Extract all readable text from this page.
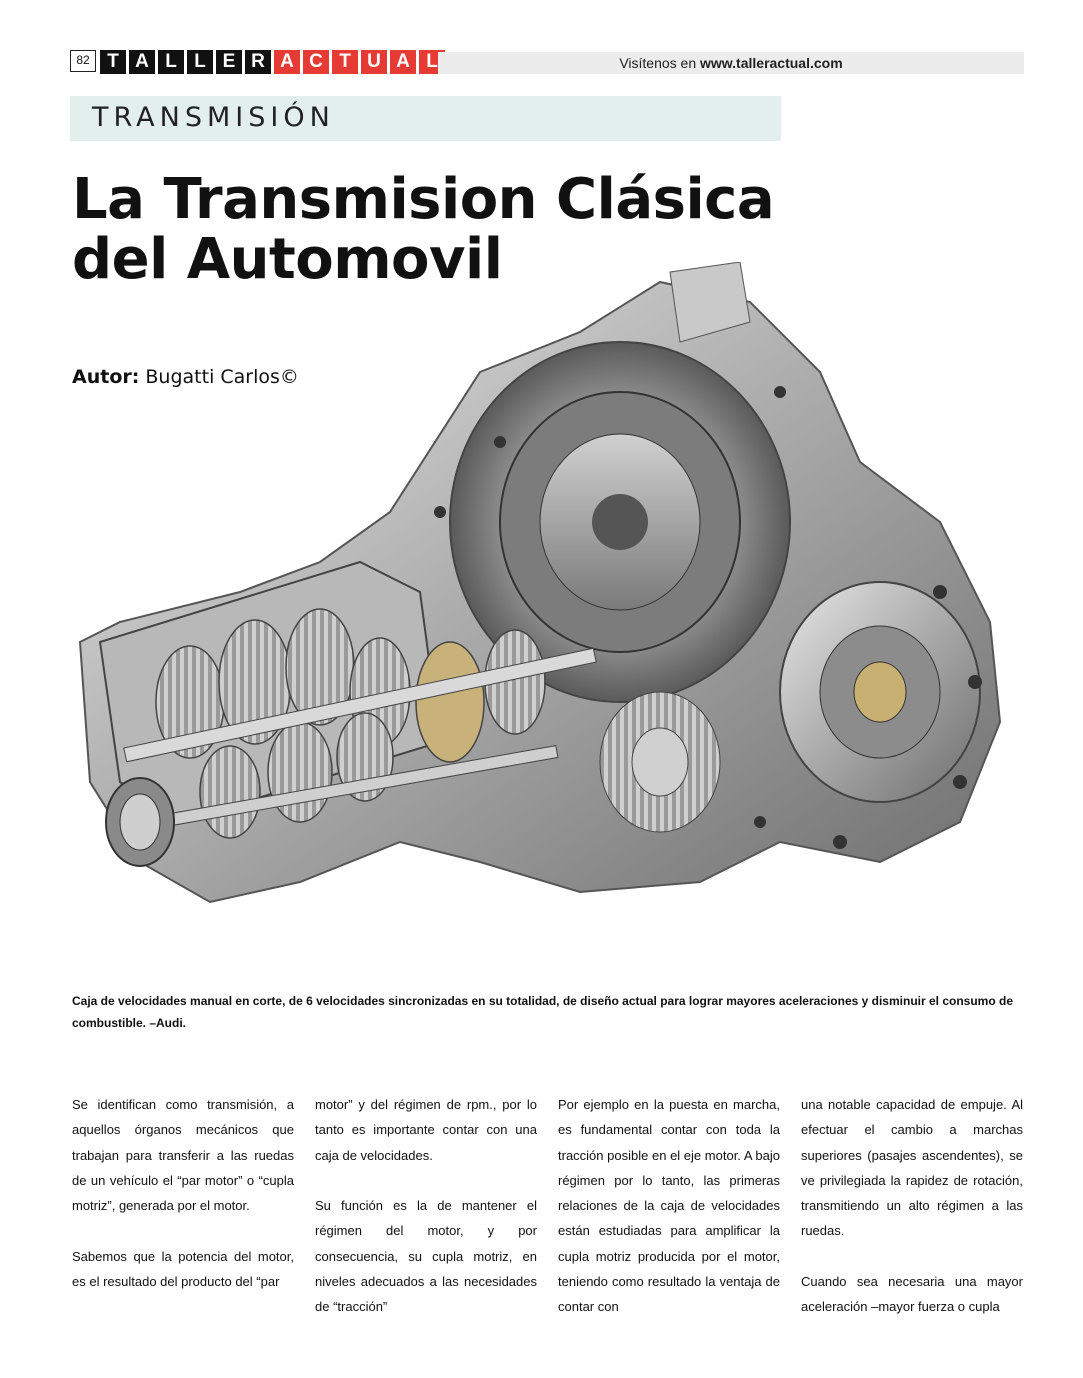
82 T A L L E R A C T U A L	Visítenos en www.talleractual.com
TRANSMISIÓN
La Transmision Clásica
del Automovil
Autor: Bugatti Carlos©
Caja de velocidades manual en corte, de 6 velocidades sincronizadas en su totalidad, de diseño actual para lograr mayores aceleraciones y disminuir el consumo de combustible. –Audi.

Se identifican como transmisión, a aquellos órganos mecánicos que trabajan para transferir a las ruedas de un vehículo el “par motor” o “cupla motriz”, generada por el motor.

Sabemos que la potencia del motor, es el resultado del producto del “par

motor” y del régimen de rpm., por lo tanto es importante contar con una caja de velocidades.

Su función es la de mantener el régimen del motor, y por consecuencia, su cupla motriz, en niveles adecuados a las necesidades de “tracción”

Por ejemplo en la puesta en marcha, es fundamental contar con toda la tracción posible en el eje motor. A bajo régimen por lo tanto, las primeras relaciones de la caja de velocidades están estudiadas para amplificar la cupla motriz producida por el motor, teniendo como resultado la ventaja de contar con

una notable capacidad de empuje. Al efectuar el cambio a marchas superiores (pasajes ascendentes), se ve privilegiada la rapidez de rotación, transmitiendo un alto régimen a las ruedas.

Cuando sea necesaria una mayor aceleración –mayor fuerza o cupla
